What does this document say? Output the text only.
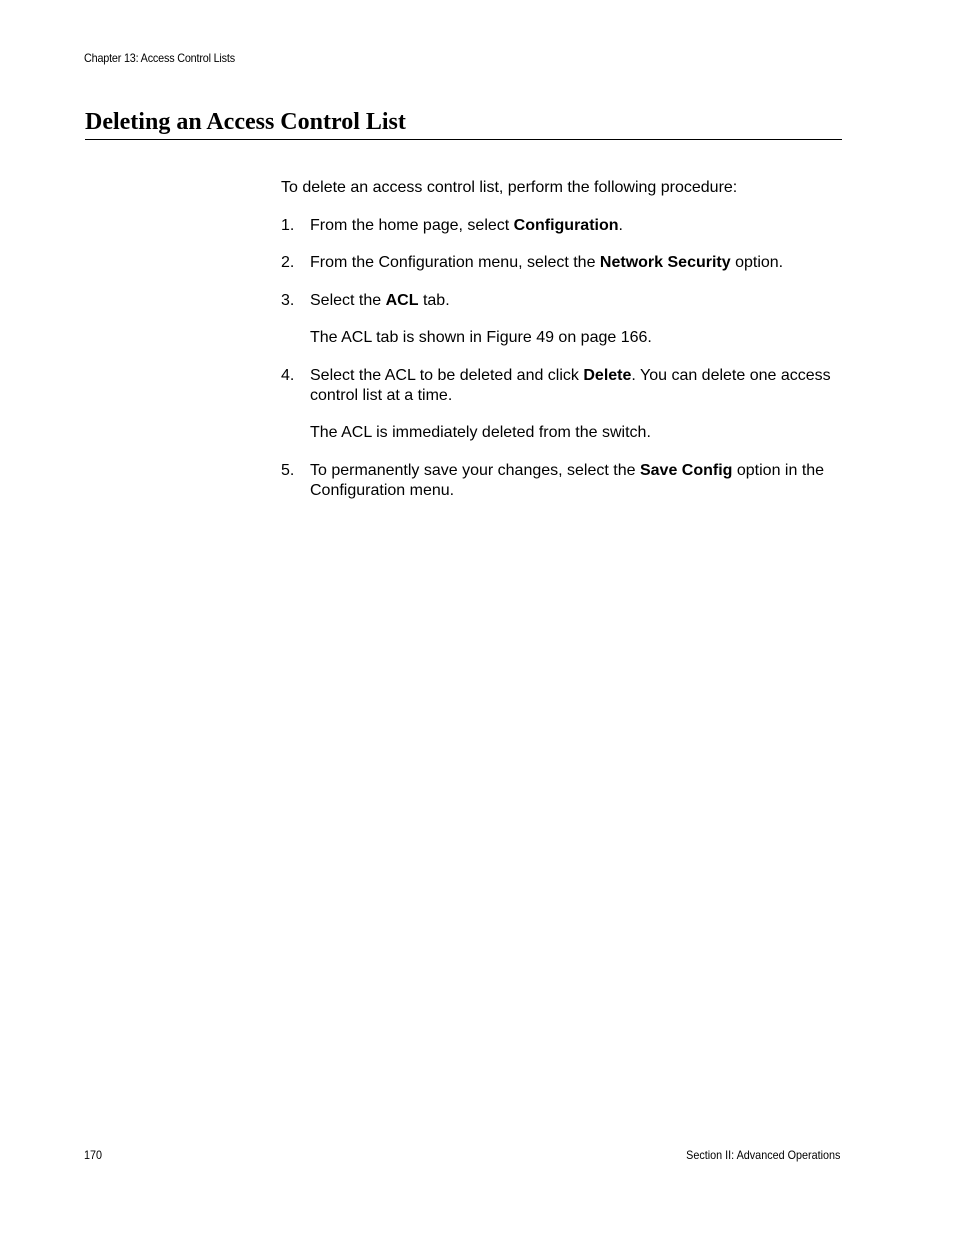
Chapter 13: Access Control Lists
Deleting an Access Control List

To delete an access control list, perform the following procedure:

1. From the home page, select Configuration.
2. From the Configuration menu, select the Network Security option.
3. Select the ACL tab.
The ACL tab is shown in Figure 49 on page 166.
4. Select the ACL to be deleted and click Delete. You can delete one access control list at a time.
The ACL is immediately deleted from the switch.
5. To permanently save your changes, select the Save Config option in the Configuration menu.
170	Section II: Advanced Operations
